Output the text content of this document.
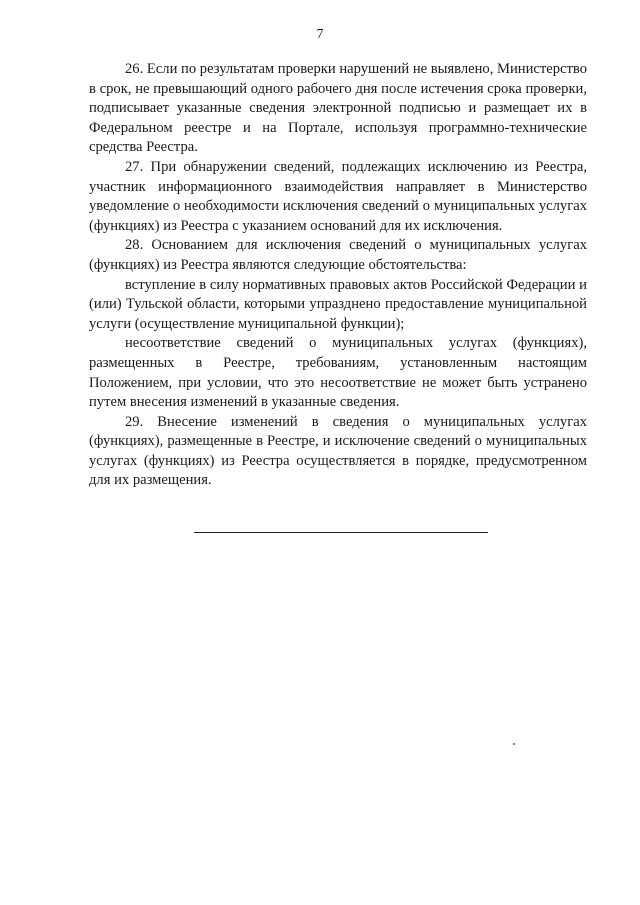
7

26. Если по результатам проверки нарушений не выявлено, Министерство в срок, не превышающий одного рабочего дня после истечения срока проверки, подписывает указанные сведения электронной подписью и размещает их в Федеральном реестре и на Портале, используя программно-технические средства Реестра.

27. При обнаружении сведений, подлежащих исключению из Реестра, участник информационного взаимодействия направляет в Министерство уведомление о необходимости исключения сведений о муниципальных услугах (функциях) из Реестра с указанием оснований для их исключения.

28. Основанием для исключения сведений о муниципальных услугах (функциях) из Реестра являются следующие обстоятельства:

вступление в силу нормативных правовых актов Российской Федерации и (или) Тульской области, которыми упразднено предоставление муниципальной услуги (осуществление муниципальной функции);

несоответствие сведений о муниципальных услугах (функциях), размещенных в Реестре, требованиям, установленным настоящим Положением, при условии, что это несоответствие не может быть устранено путем внесения изменений в указанные сведения.

29. Внесение изменений в сведения о муниципальных услугах (функциях), размещенные в Реестре, и исключение сведений о муниципальных услугах (функциях) из Реестра осуществляется в порядке, предусмотренном для их размещения.
